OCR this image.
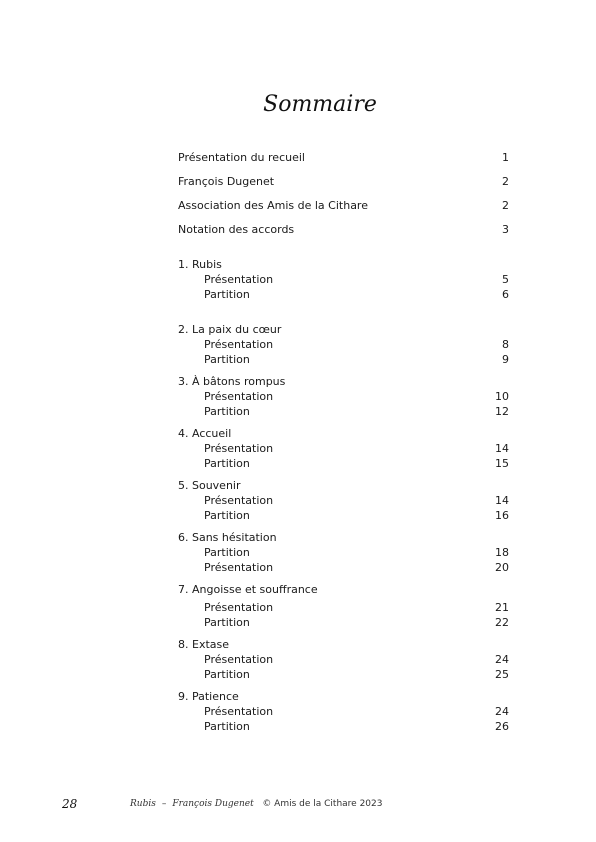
Sommaire
Présentation du recueil	1
François Dugenet	2
Association des Amis de la Cithare	2
Notation des accords	3
1. Rubis
Présentation	5
Partition	6
2. La paix du cœur
Présentation	8
Partition	9
3. À bâtons rompus
Présentation	10
Partition	12
4. Accueil
Présentation	14
Partition	15
5. Souvenir
Présentation	14
Partition	16
6. Sans hésitation
Partition	18
Présentation	20
7. Angoisse et souffrance
Présentation	21
Partition	22
8. Extase
Présentation	24
Partition	25
9. Patience
Présentation	24
Partition	26
28	Rubis – François Dugenet © Amis de la Cithare 2023
